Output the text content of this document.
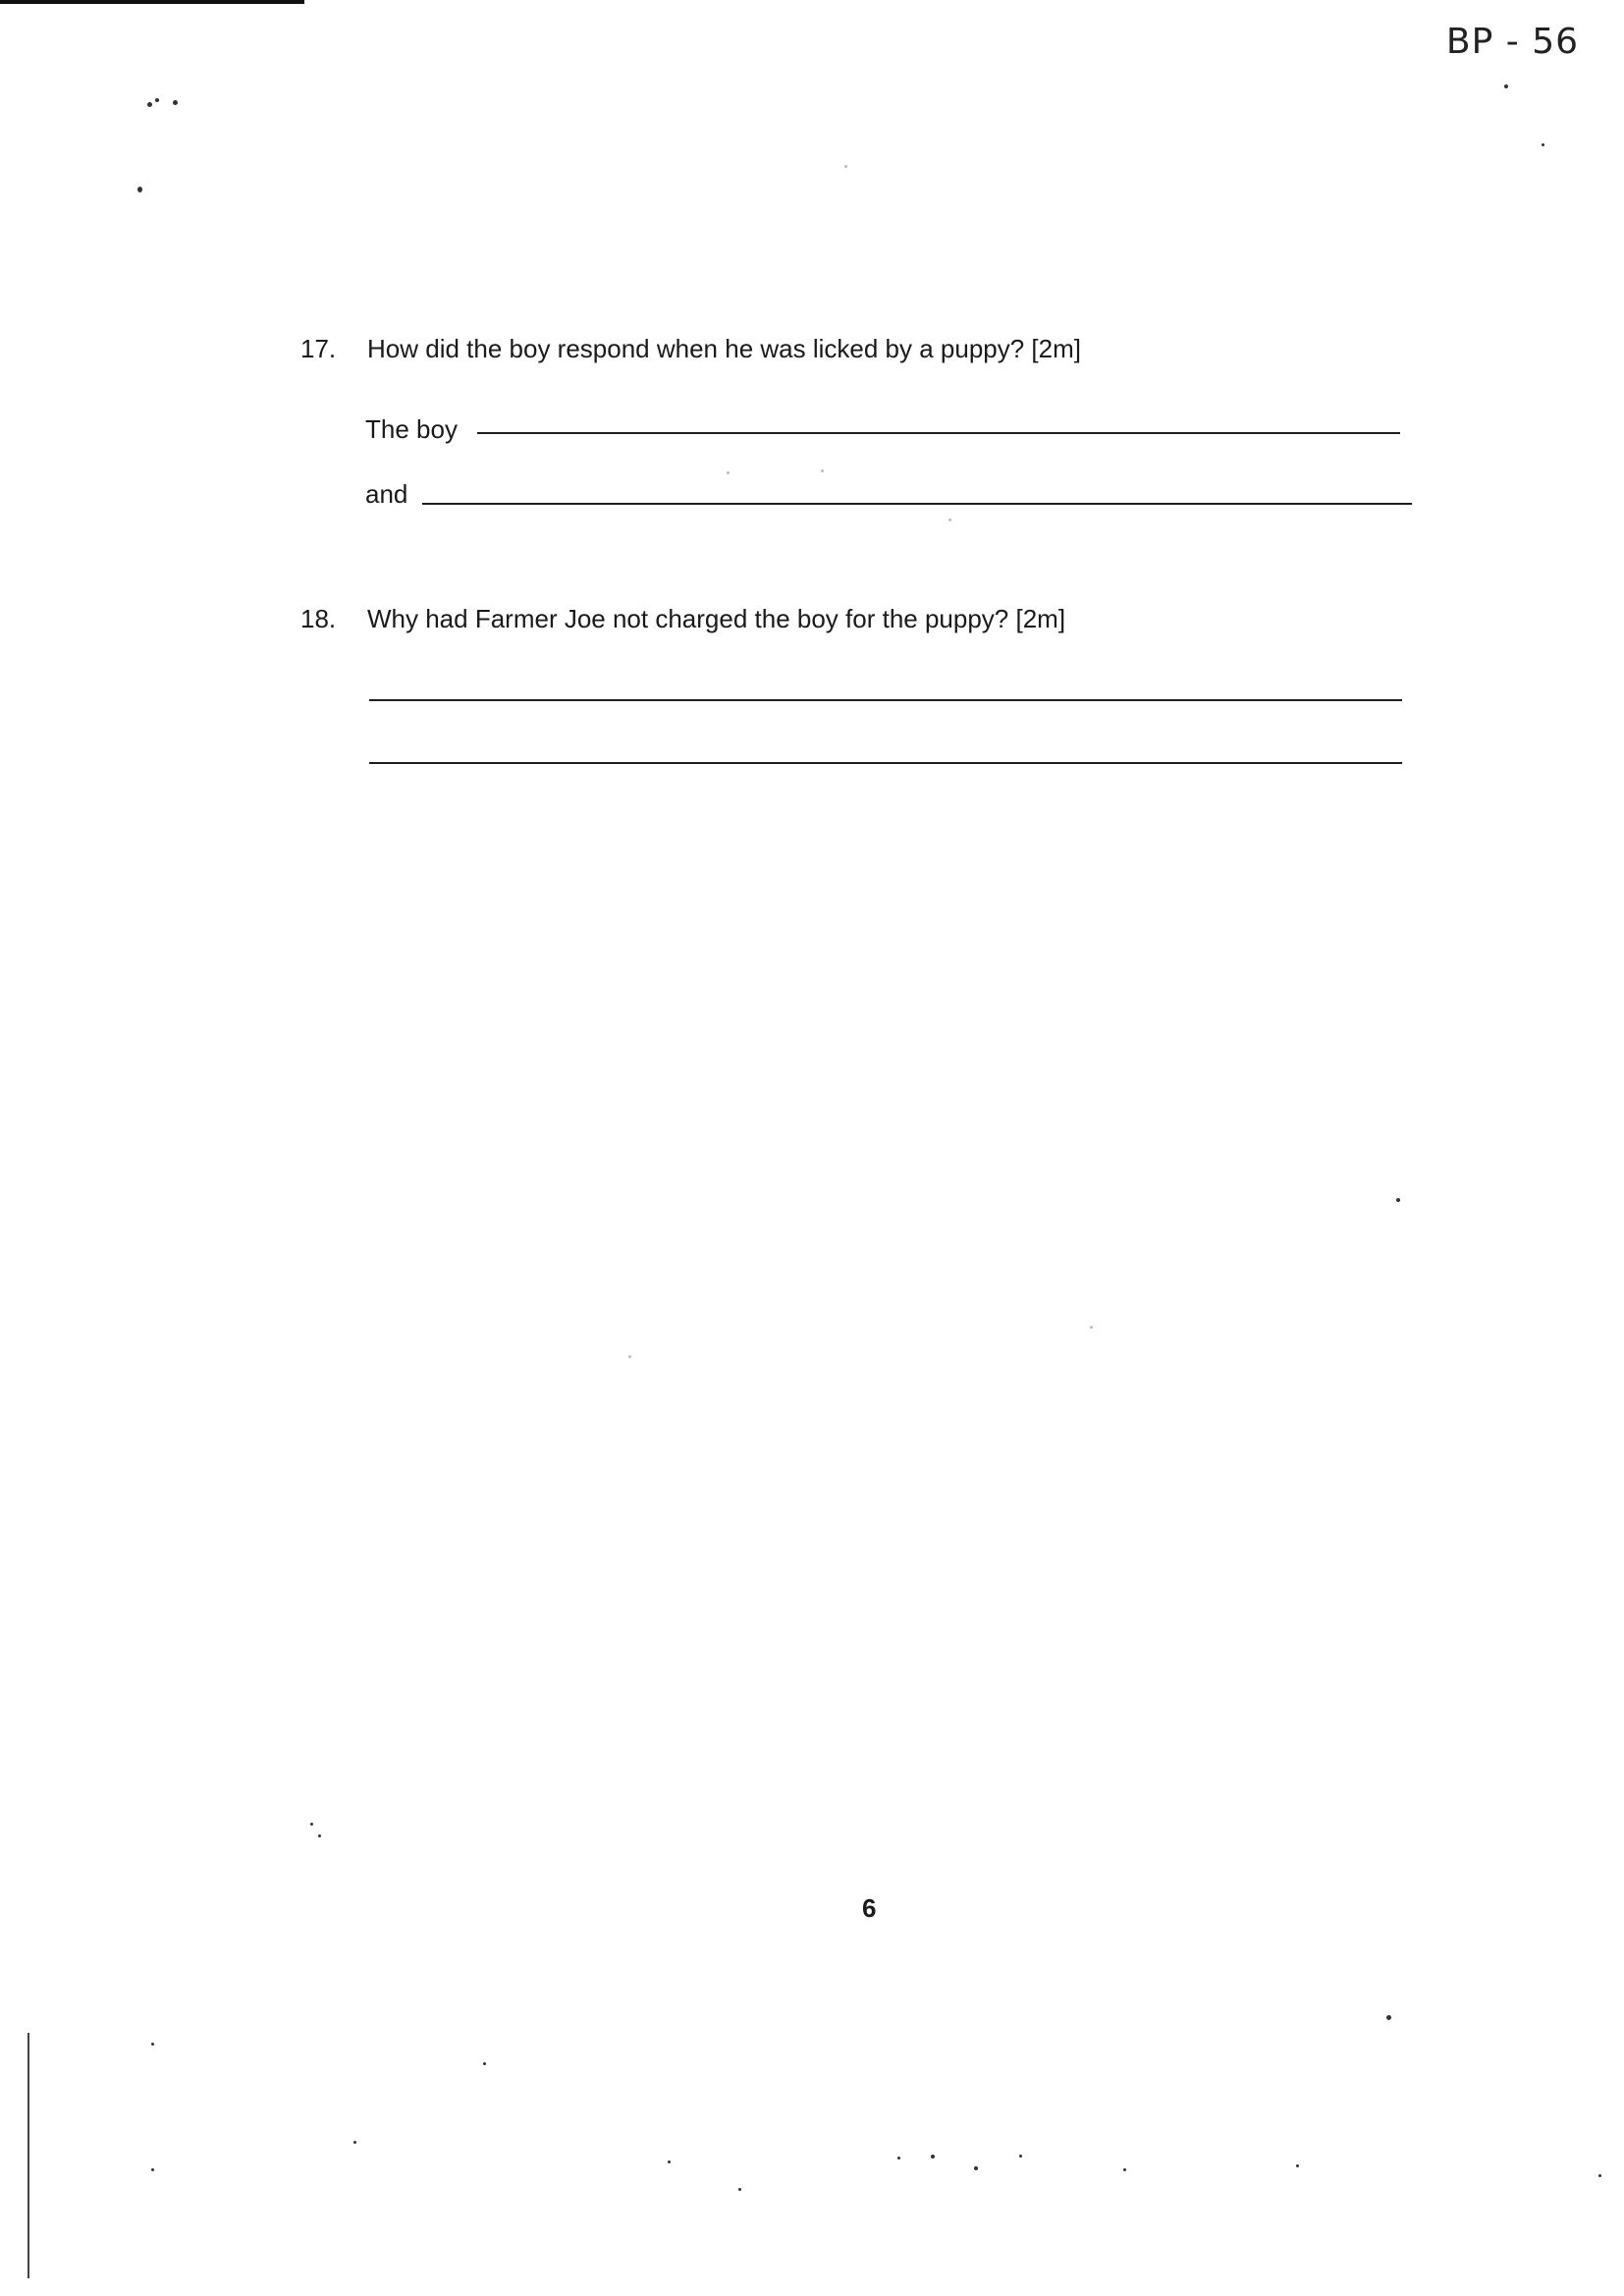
BP - 56
17. How did the boy respond when he was licked by a puppy? [2m]
The boy
and
18. Why had Farmer Joe not charged the boy for the puppy? [2m]
6
